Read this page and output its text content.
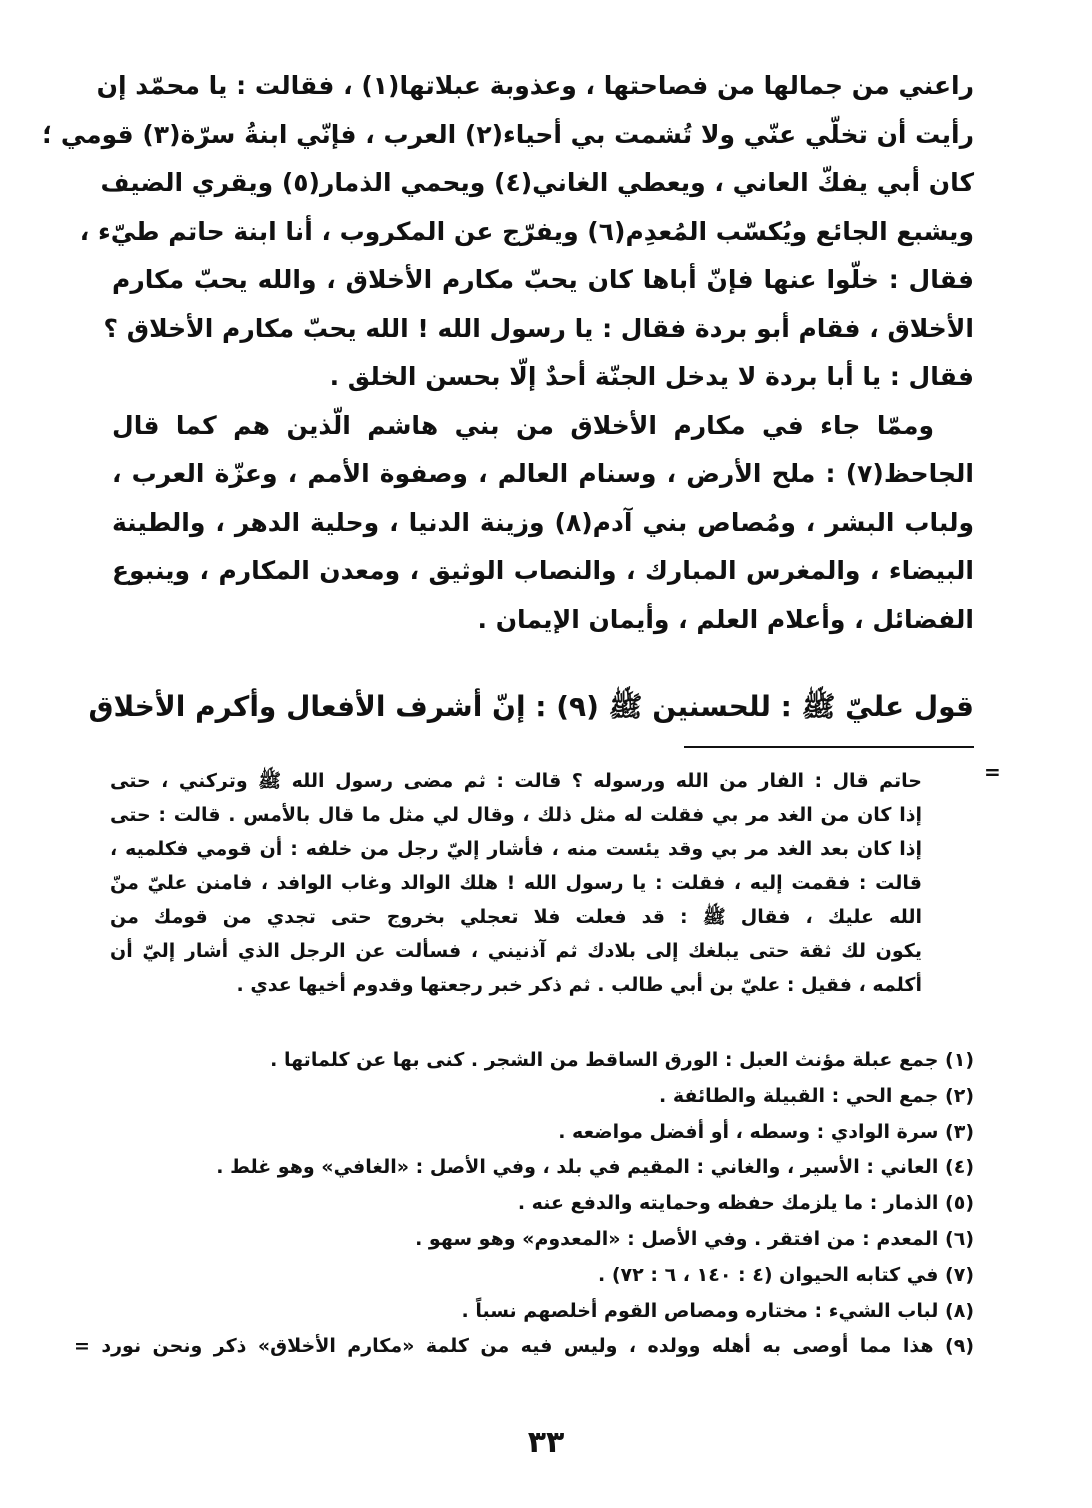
راعني من جمالها من فصاحتها ، وعذوبة عبلاتها(١) ، فقالت : يا محمّد إن
رأيت أن تخلّي عنّي ولا تُشمت بي أحياء(٢) العرب ، فإنّي ابنةُ سرّة(٣) قومي ؛
كان أبي يفكّ العاني ، ويعطي الغاني(٤) ويحمي الذمار(٥) ويقري الضيف
ويشبع الجائع ويُكسّب المُعدِم(٦) ويفرّج عن المكروب ، أنا ابنة حاتم طيّء ،
فقال : خلّوا عنها فإنّ أباها كان يحبّ مكارم الأخلاق ، والله يحبّ مكارم
الأخلاق ، فقام أبو بردة فقال : يا رسول الله ! الله يحبّ مكارم الأخلاق ؟
فقال : يا أبا بردة لا يدخل الجنّة أحدٌ إلّا بحسن الخلق .
وممّا جاء في مكارم الأخلاق من بني هاشم الّذين هم كما قال
الجاحظ(٧) : ملح الأرض ، وسنام العالم ، وصفوة الأمم ، وعزّة العرب ،
ولباب البشر ، ومُصاص بني آدم(٨) وزينة الدنيا ، وحلية الدهر ، والطينة
البيضاء ، والمغرس المبارك ، والنصاب الوثيق ، ومعدن المكارم ، وينبوع
الفضائل ، وأعلام العلم ، وأيمان الإيمان .
قول عليّ ﷺ : للحسنين ﷺ (٩) : إنّ أشرف الأفعال وأكرم الأخلاق
=
حاتم قال : الفار من الله ورسوله ؟ قالت : ثم مضى رسول الله ﷺ وتركني ، حتى
إذا كان من الغد مر بي فقلت له مثل ذلك ، وقال لي مثل ما قال بالأمس . قالت : حتى
إذا كان بعد الغد مر بي وقد يئست منه ، فأشار إليّ رجل من خلفه : أن قومي فكلميه ،
قالت : فقمت إليه ، فقلت : يا رسول الله ! هلك الوالد وغاب الوافد ، فامنن عليّ منّ
الله عليك ، فقال ﷺ : قد فعلت فلا تعجلي بخروج حتى تجدي من قومك من
يكون لك ثقة حتى يبلغك إلى بلادك ثم آذنيني ، فسألت عن الرجل الذي أشار إليّ أن
أكلمه ، فقيل : عليّ بن أبي طالب . ثم ذكر خبر رجعتها وقدوم أخيها عدي .
(١) جمع عبلة مؤنث العبل : الورق الساقط من الشجر . كنى بها عن كلماتها .
(٢) جمع الحي : القبيلة والطائفة .
(٣) سرة الوادي : وسطه ، أو أفضل مواضعه .
(٤) العاني : الأسير ، والغاني : المقيم في بلد ، وفي الأصل : «الغافي» وهو غلط .
(٥) الذمار : ما يلزمك حفظه وحمايته والدفع عنه .
(٦) المعدم : من افتقر . وفي الأصل : «المعدوم» وهو سهو .
(٧) في كتابه الحيوان (٤ : ١٤٠ ، ٦ : ٧٢) .
(٨) لباب الشيء : مختاره ومصاص القوم أخلصهم نسباً .
(٩) هذا مما أوصى به أهله وولده ، وليس فيه من كلمة «مكارم الأخلاق» ذكر ونحن نورد =
٣٣
